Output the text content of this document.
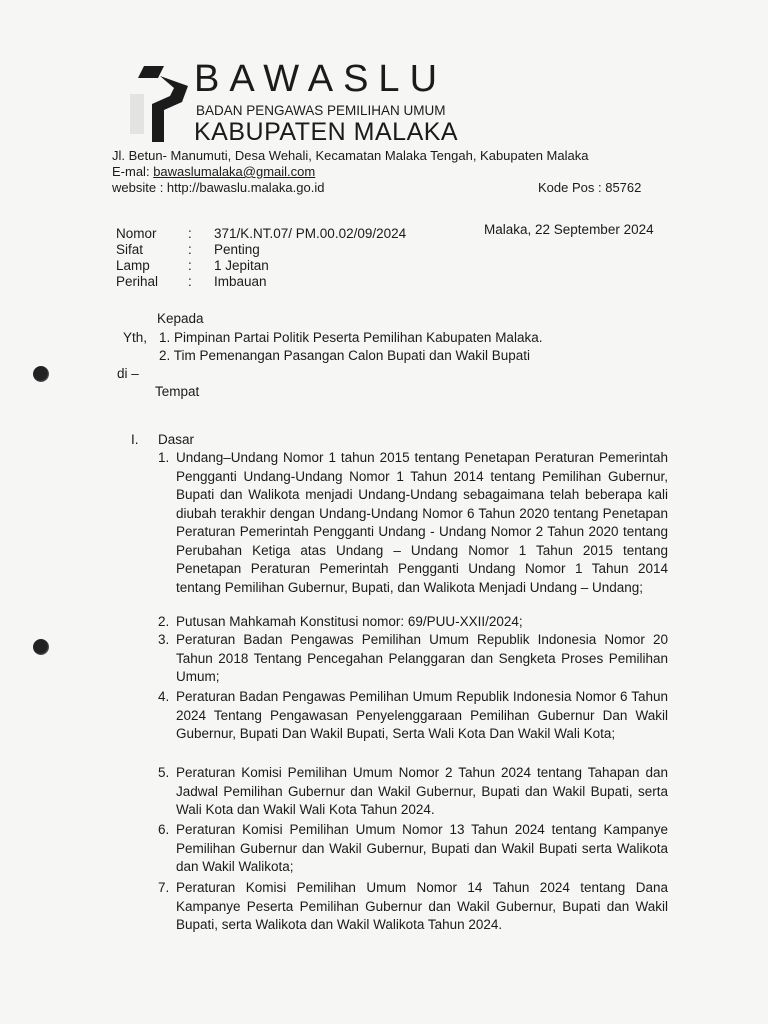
BAWASLU
BADAN PENGAWAS PEMILIHAN UMUM
KABUPATEN MALAKA
Jl. Betun- Manumuti, Desa Wehali, Kecamatan Malaka Tengah, Kabupaten Malaka
E-mal: bawaslumalaka@gmail.com
website : http://bawaslu.malaka.go.id	Kode Pos : 85762
Nomor : 371/K.NT.07/ PM.00.02/09/2024
Sifat	: Penting
Lamp	: 1 Jepitan
Perihal : Imbauan
Malaka, 22 September 2024
Kepada
Yth, 1. Pimpinan Partai Politik Peserta Pemilihan Kabupaten Malaka.
2. Tim Pemenangan Pasangan Calon Bupati dan Wakil Bupati
di –
Tempat
I. Dasar
1. Undang–Undang Nomor 1 tahun 2015 tentang Penetapan Peraturan Pemerintah Pengganti Undang-Undang Nomor 1 Tahun 2014 tentang Pemilihan Gubernur, Bupati dan Walikota menjadi Undang-Undang sebagaimana telah beberapa kali diubah terakhir dengan Undang-Undang Nomor 6 Tahun 2020 tentang Penetapan Peraturan Pemerintah Pengganti Undang - Undang Nomor 2 Tahun 2020 tentang Perubahan Ketiga atas Undang – Undang Nomor 1 Tahun 2015 tentang Penetapan Peraturan Pemerintah Pengganti Undang Nomor 1 Tahun 2014 tentang Pemilihan Gubernur, Bupati, dan Walikota Menjadi Undang – Undang;
2. Putusan Mahkamah Konstitusi nomor: 69/PUU-XXII/2024;
3. Peraturan Badan Pengawas Pemilihan Umum Republik Indonesia Nomor 20 Tahun 2018 Tentang Pencegahan Pelanggaran dan Sengketa Proses Pemilihan Umum;
4. Peraturan Badan Pengawas Pemilihan Umum Republik Indonesia Nomor 6 Tahun 2024 Tentang Pengawasan Penyelenggaraan Pemilihan Gubernur Dan Wakil Gubernur, Bupati Dan Wakil Bupati, Serta Wali Kota Dan Wakil Wali Kota;
5. Peraturan Komisi Pemilihan Umum Nomor 2 Tahun 2024 tentang Tahapan dan Jadwal Pemilihan Gubernur dan Wakil Gubernur, Bupati dan Wakil Bupati, serta Wali Kota dan Wakil Wali Kota Tahun 2024.
6. Peraturan Komisi Pemilihan Umum Nomor 13 Tahun 2024 tentang Kampanye Pemilihan Gubernur dan Wakil Gubernur, Bupati dan Wakil Bupati serta Walikota dan Wakil Walikota;
7. Peraturan Komisi Pemilihan Umum Nomor 14 Tahun 2024 tentang Dana Kampanye Peserta Pemilihan Gubernur dan Wakil Gubernur, Bupati dan Wakil Bupati, serta Walikota dan Wakil Walikota Tahun 2024.
